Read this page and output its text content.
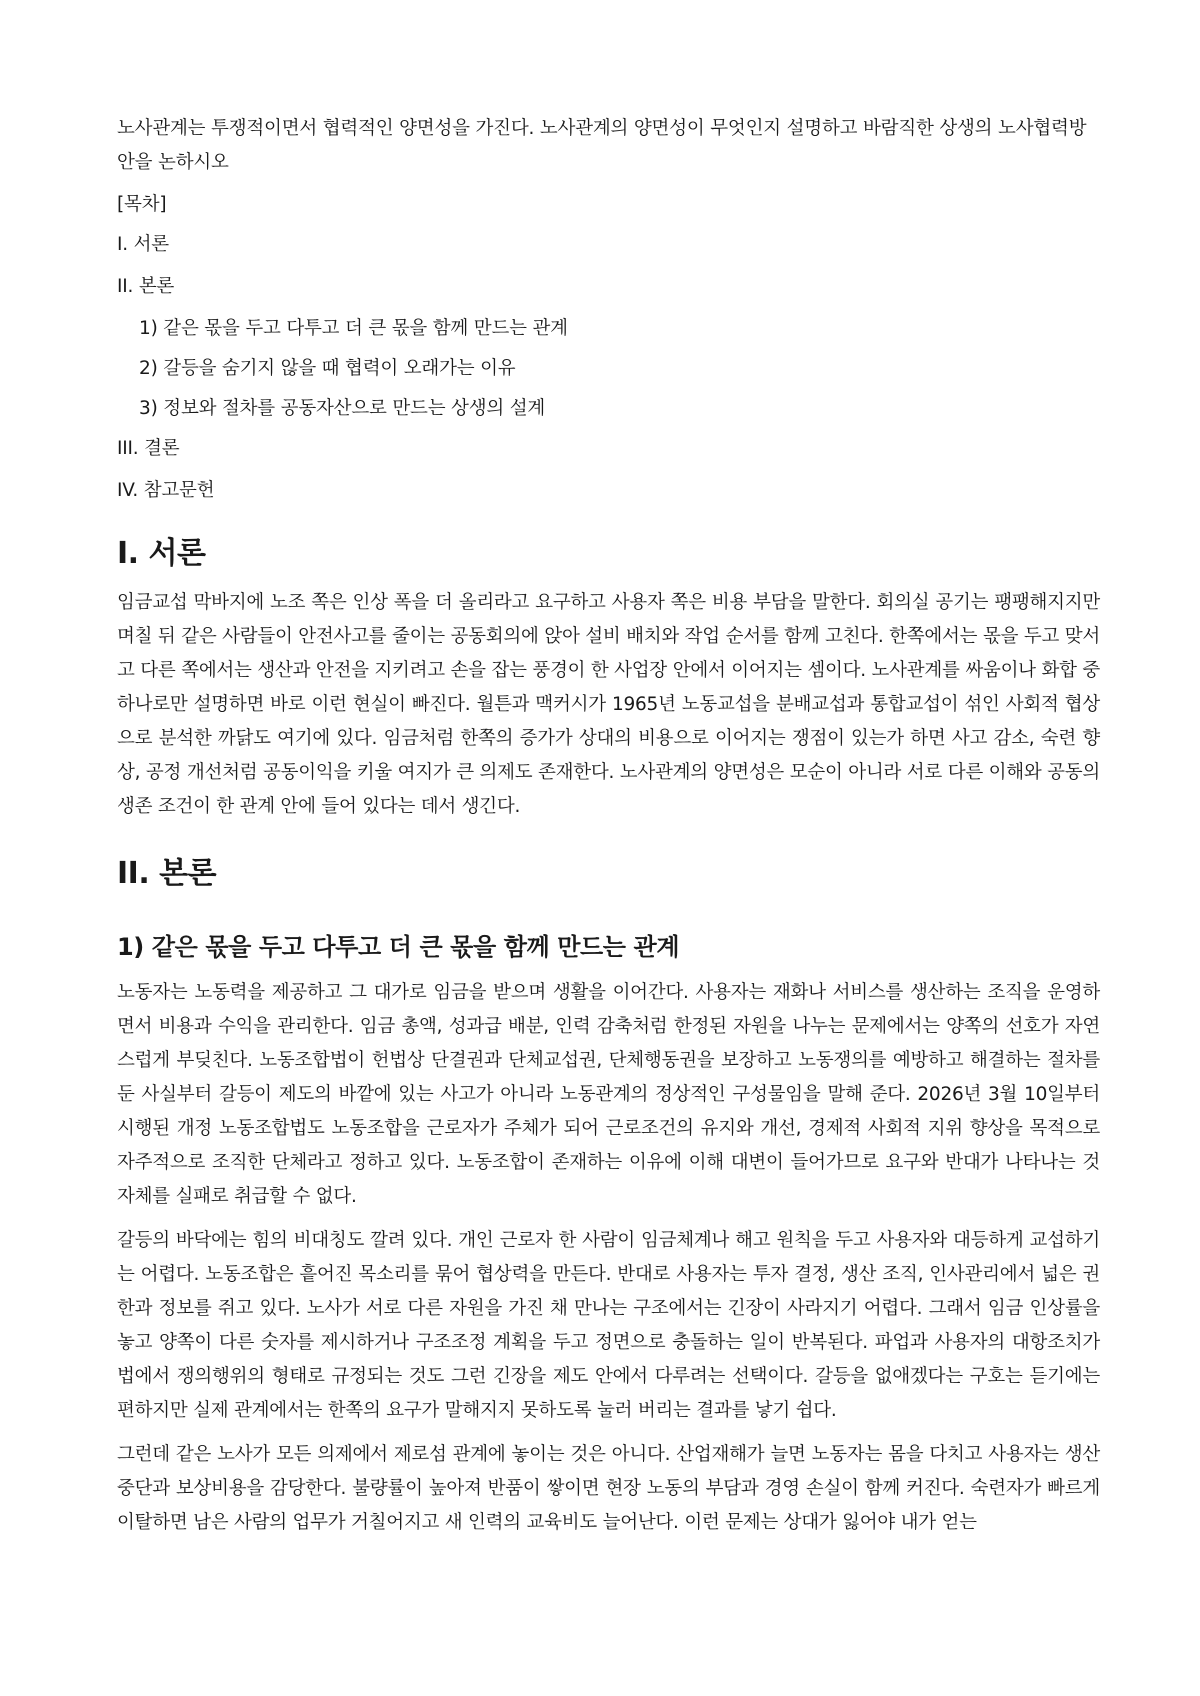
노사관계는 투쟁적이면서 협력적인 양면성을 가진다. 노사관계의 양면성이 무엇인지 설명하고 바람직한 상생의 노사협력방안을 논하시오

[목차]
I. 서론
II. 본론
1) 같은 몫을 두고 다투고 더 큰 몫을 함께 만드는 관계
2) 갈등을 숨기지 않을 때 협력이 오래가는 이유
3) 정보와 절차를 공동자산으로 만드는 상생의 설계
III. 결론
IV. 참고문헌
I. 서론

임금교섭 막바지에 노조 쪽은 인상 폭을 더 올리라고 요구하고 사용자 쪽은 비용 부담을 말한다. 회의실 공기는 팽팽해지지만 며칠 뒤 같은 사람들이 안전사고를 줄이는 공동회의에 앉아 설비 배치와 작업 순서를 함께 고친다. 한쪽에서는 몫을 두고 맞서고 다른 쪽에서는 생산과 안전을 지키려고 손을 잡는 풍경이 한 사업장 안에서 이어지는 셈이다. 노사관계를 싸움이나 화합 중 하나로만 설명하면 바로 이런 현실이 빠진다. 월튼과 맥커시가 1965년 노동교섭을 분배교섭과 통합교섭이 섞인 사회적 협상으로 분석한 까닭도 여기에 있다. 임금처럼 한쪽의 증가가 상대의 비용으로 이어지는 쟁점이 있는가 하면 사고 감소, 숙련 향상, 공정 개선처럼 공동이익을 키울 여지가 큰 의제도 존재한다. 노사관계의 양면성은 모순이 아니라 서로 다른 이해와 공동의 생존 조건이 한 관계 안에 들어 있다는 데서 생긴다.

II. 본론
1) 같은 몫을 두고 다투고 더 큰 몫을 함께 만드는 관계

노동자는 노동력을 제공하고 그 대가로 임금을 받으며 생활을 이어간다. 사용자는 재화나 서비스를 생산하는 조직을 운영하면서 비용과 수익을 관리한다. 임금 총액, 성과급 배분, 인력 감축처럼 한정된 자원을 나누는 문제에서는 양쪽의 선호가 자연스럽게 부딪친다. 노동조합법이 헌법상 단결권과 단체교섭권, 단체행동권을 보장하고 노동쟁의를 예방하고 해결하는 절차를 둔 사실부터 갈등이 제도의 바깥에 있는 사고가 아니라 노동관계의 정상적인 구성물임을 말해 준다. 2026년 3월 10일부터 시행된 개정 노동조합법도 노동조합을 근로자가 주체가 되어 근로조건의 유지와 개선, 경제적 사회적 지위 향상을 목적으로 자주적으로 조직한 단체라고 정하고 있다. 노동조합이 존재하는 이유에 이해 대변이 들어가므로 요구와 반대가 나타나는 것 자체를 실패로 취급할 수 없다.

갈등의 바닥에는 힘의 비대칭도 깔려 있다. 개인 근로자 한 사람이 임금체계나 해고 원칙을 두고 사용자와 대등하게 교섭하기는 어렵다. 노동조합은 흩어진 목소리를 묶어 협상력을 만든다. 반대로 사용자는 투자 결정, 생산 조직, 인사관리에서 넓은 권한과 정보를 쥐고 있다. 노사가 서로 다른 자원을 가진 채 만나는 구조에서는 긴장이 사라지기 어렵다. 그래서 임금 인상률을 놓고 양쪽이 다른 숫자를 제시하거나 구조조정 계획을 두고 정면으로 충돌하는 일이 반복된다. 파업과 사용자의 대항조치가 법에서 쟁의행위의 형태로 규정되는 것도 그런 긴장을 제도 안에서 다루려는 선택이다. 갈등을 없애겠다는 구호는 듣기에는 편하지만 실제 관계에서는 한쪽의 요구가 말해지지 못하도록 눌러 버리는 결과를 낳기 쉽다.

그런데 같은 노사가 모든 의제에서 제로섬 관계에 놓이는 것은 아니다. 산업재해가 늘면 노동자는 몸을 다치고 사용자는 생산중단과 보상비용을 감당한다. 불량률이 높아져 반품이 쌓이면 현장 노동의 부담과 경영 손실이 함께 커진다. 숙련자가 빠르게 이탈하면 남은 사람의 업무가 거칠어지고 새 인력의 교육비도 늘어난다. 이런 문제는 상대가 잃어야 내가 얻는
